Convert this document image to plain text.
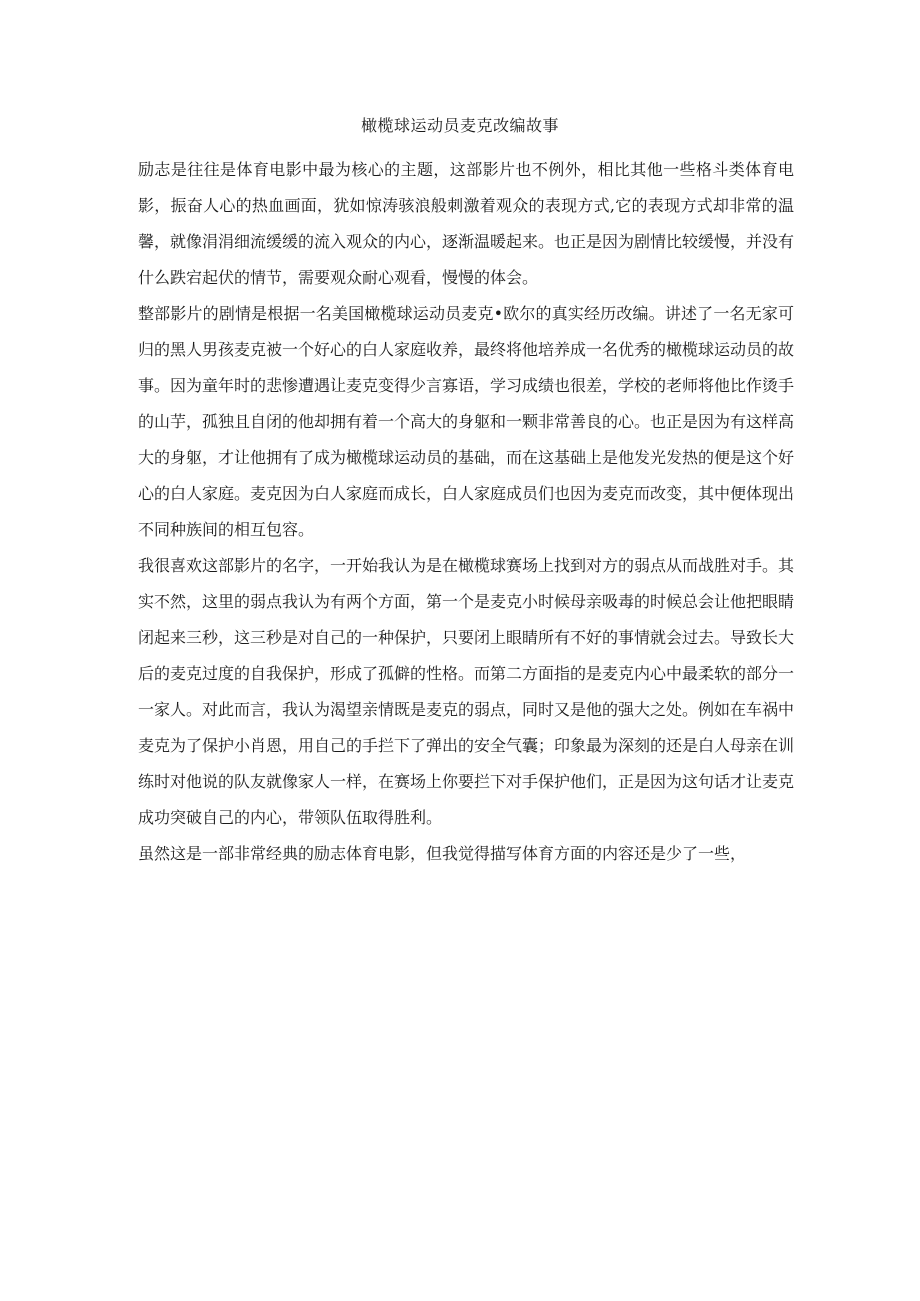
橄榄球运动员麦克改编故事

励志是往往是体育电影中最为核心的主题，这部影片也不例外，相比其他一些格斗类体育电影，振奋人心的热血画面，犹如惊涛骇浪般刺激着观众的表现方式,它的表现方式却非常的温馨，就像涓涓细流缓缓的流入观众的内心，逐渐温暖起来。也正是因为剧情比较缓慢，并没有什么跌宕起伏的情节，需要观众耐心观看，慢慢的体会。

整部影片的剧情是根据一名美国橄榄球运动员麦克•欧尔的真实经历改编。讲述了一名无家可归的黑人男孩麦克被一个好心的白人家庭收养，最终将他培养成一名优秀的橄榄球运动员的故事。因为童年时的悲惨遭遇让麦克变得少言寡语，学习成绩也很差，学校的老师将他比作烫手的山芋，孤独且自闭的他却拥有着一个高大的身躯和一颗非常善良的心。也正是因为有这样高大的身躯，才让他拥有了成为橄榄球运动员的基础，而在这基础上是他发光发热的便是这个好心的白人家庭。麦克因为白人家庭而成长，白人家庭成员们也因为麦克而改变，其中便体现出不同种族间的相互包容。

我很喜欢这部影片的名字，一开始我认为是在橄榄球赛场上找到对方的弱点从而战胜对手。其实不然，这里的弱点我认为有两个方面，第一个是麦克小时候母亲吸毒的时候总会让他把眼睛闭起来三秒，这三秒是对自己的一种保护，只要闭上眼睛所有不好的事情就会过去。导致长大后的麦克过度的自我保护，形成了孤僻的性格。而第二方面指的是麦克内心中最柔软的部分一一家人。对此而言，我认为渴望亲情既是麦克的弱点，同时又是他的强大之处。例如在车祸中麦克为了保护小肖恩，用自己的手拦下了弹出的安全气囊；印象最为深刻的还是白人母亲在训练时对他说的队友就像家人一样，在赛场上你要拦下对手保护他们，正是因为这句话才让麦克成功突破自己的内心，带领队伍取得胜利。

虽然这是一部非常经典的励志体育电影，但我觉得描写体育方面的内容还是少了一些，
